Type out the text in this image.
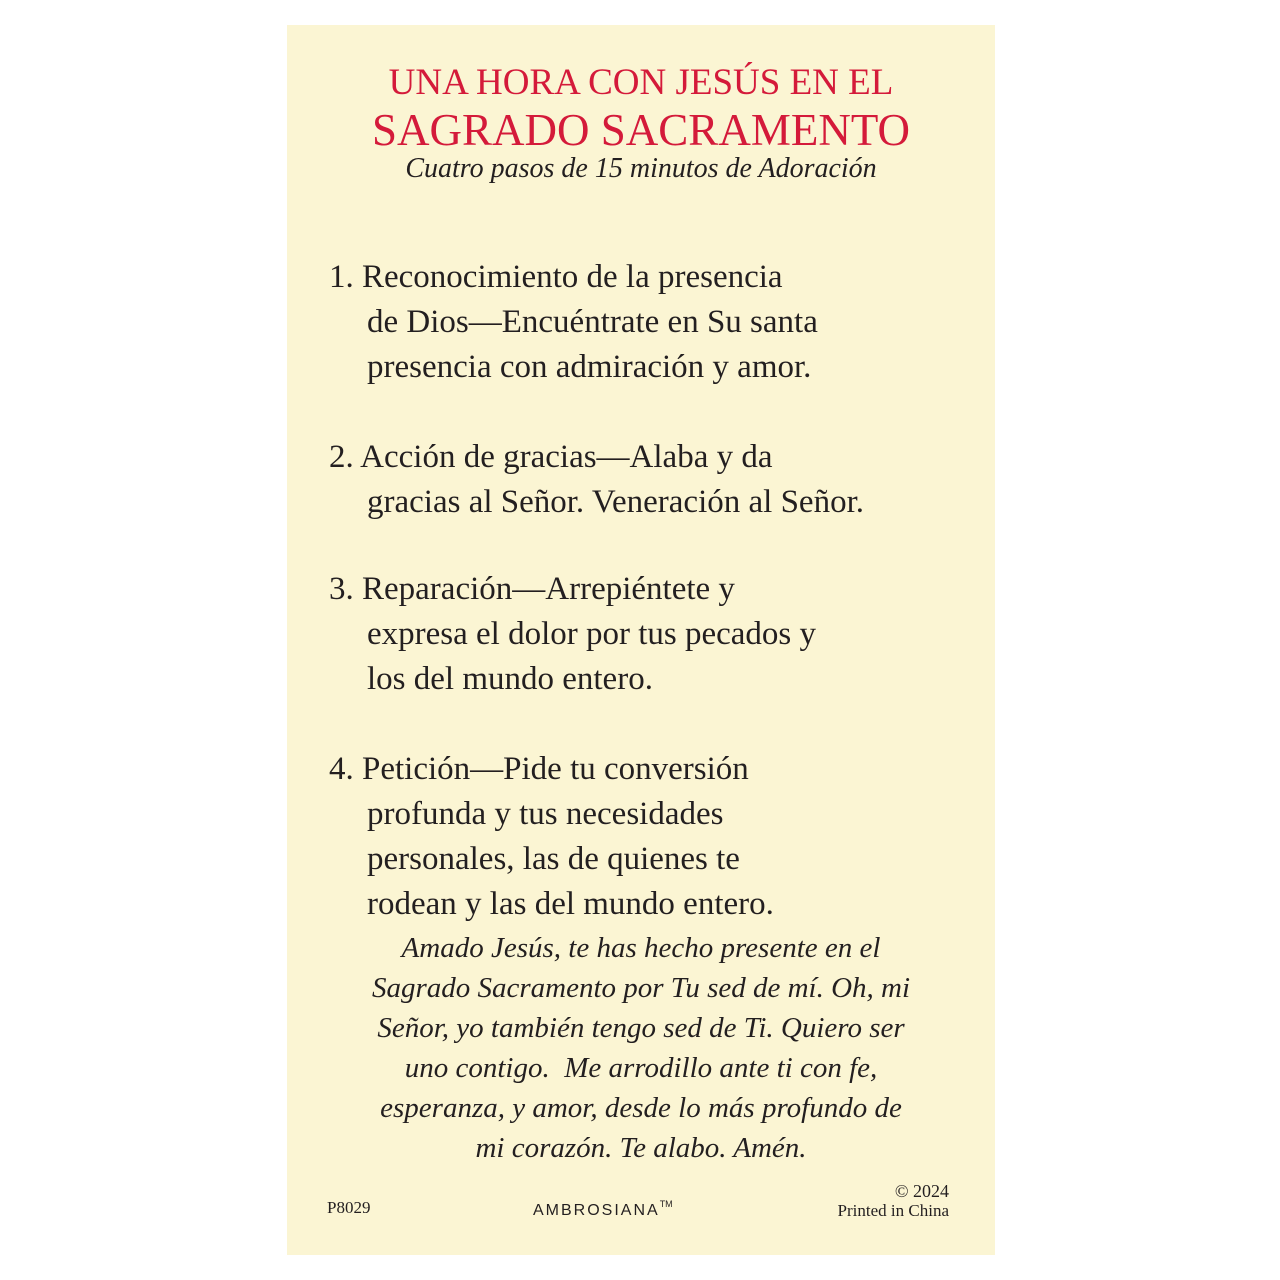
UNA HORA CON JESÚS EN EL
SAGRADO SACRAMENTO
Cuatro pasos de 15 minutos de Adoración
1. Reconocimiento de la presencia
de Dios—Encuéntrate en Su santa
presencia con admiración y amor.
2. Acción de gracias—Alaba y da
gracias al Señor. Veneración al Señor.
3. Reparación—Arrepiéntete y
expresa el dolor por tus pecados y
los del mundo entero.
4. Petición—Pide tu conversión
profunda y tus necesidades
personales, las de quienes te
rodean y las del mundo entero.
Amado Jesús, te has hecho presente en el
Sagrado Sacramento por Tu sed de mí. Oh, mi
Señor, yo también tengo sed de Ti. Quiero ser
uno contigo.  Me arrodillo ante ti con fe,
esperanza, y amor, desde lo más profundo de
mi corazón. Te alabo. Amén.
P8029	AMBROSIANA™
© 2024
Printed in China
